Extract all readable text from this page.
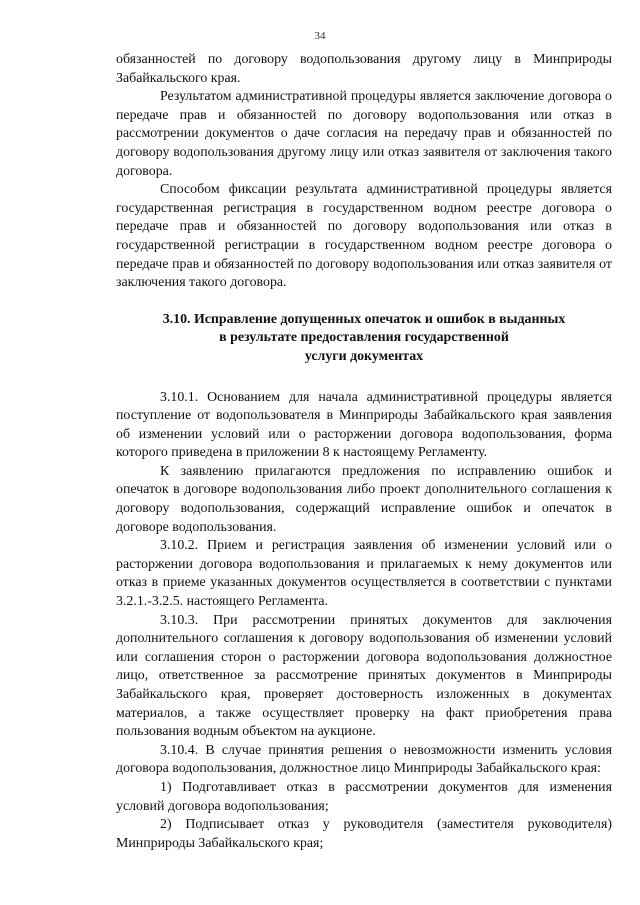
34

обязанностей по договору водопользования другому лицу в Минприроды Забайкальского края.

Результатом административной процедуры является заключение договора о передаче прав и обязанностей по договору водопользования или отказ в рассмотрении документов о даче согласия на передачу прав и обязанностей по договору водопользования другому лицу или отказ заявителя от заключения такого договора.

Способом фиксации результата административной процедуры является государственная регистрация в государственном водном реестре договора о передаче прав и обязанностей по договору водопользования или отказ в государственной регистрации в государственном водном реестре договора о передаче прав и обязанностей по договору водопользования или отказ заявителя от заключения такого договора.

3.10. Исправление допущенных опечаток и ошибок в выданных
в результате предоставления государственной
услуги документах

3.10.1. Основанием для начала административной процедуры является поступление от водопользователя в Минприроды Забайкальского края заявления об изменении условий или о расторжении договора водопользования, форма которого приведена в приложении 8 к настоящему Регламенту.

К заявлению прилагаются предложения по исправлению ошибок и опечаток в договоре водопользования либо проект дополнительного соглашения к договору водопользования, содержащий исправление ошибок и опечаток в договоре водопользования.

3.10.2. Прием и регистрация заявления об изменении условий или о расторжении договора водопользования и прилагаемых к нему документов или отказ в приеме указанных документов осуществляется в соответствии с пунктами 3.2.1.-3.2.5. настоящего Регламента.

3.10.3. При рассмотрении принятых документов для заключения дополнительного соглашения к договору водопользования об изменении условий или соглашения сторон о расторжении договора водопользования должностное лицо, ответственное за рассмотрение принятых документов в Минприроды Забайкальского края, проверяет достоверность изложенных в документах материалов, а также осуществляет проверку на факт приобретения права пользования водным объектом на аукционе.

3.10.4. В случае принятия решения о невозможности изменить условия договора водопользования, должностное лицо Минприроды Забайкальского края:

1) Подготавливает отказ в рассмотрении документов для изменения условий договора водопользования;

2) Подписывает отказ у руководителя (заместителя руководителя) Минприроды Забайкальского края;
